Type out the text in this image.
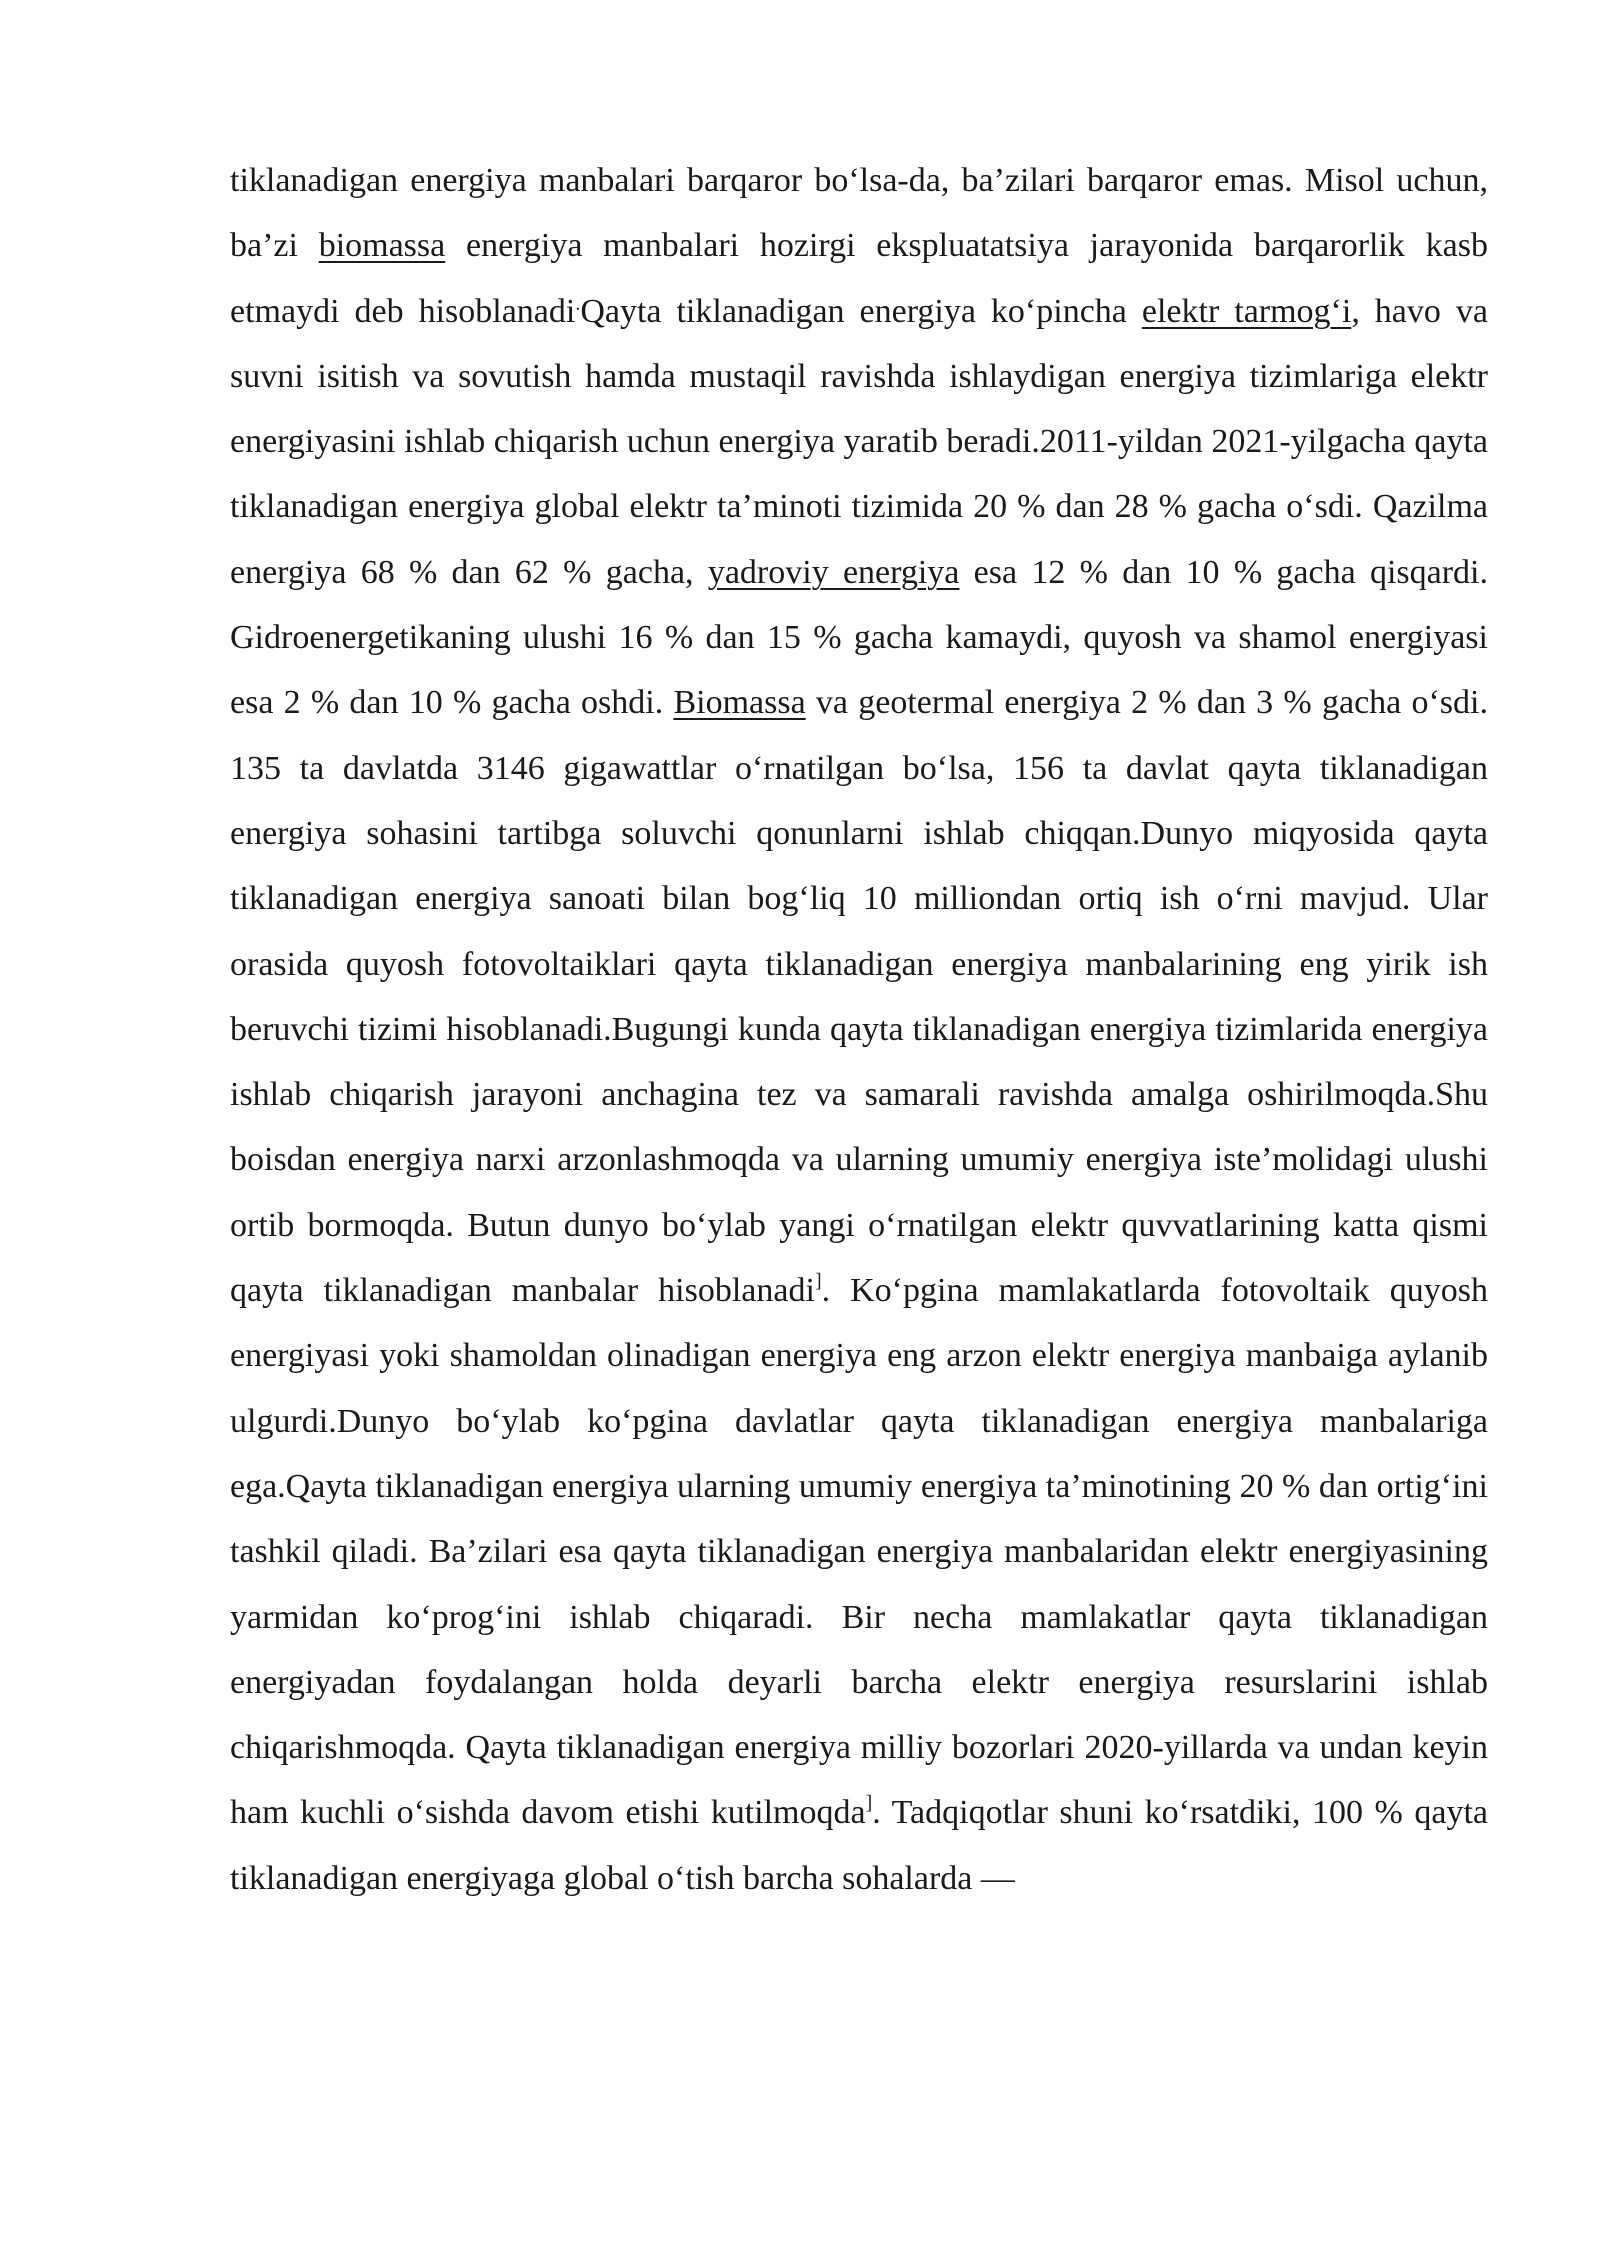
tiklanadigan energiya manbalari barqaror bo‘lsa-da, ba’zilari barqaror emas. Misol uchun, ba’zi biomassa energiya manbalari hozirgi ekspluatatsiya jarayonida barqarorlik kasb etmaydi deb hisoblanadi.Qayta tiklanadigan energiya ko‘pincha elektr tarmog‘i, havo va suvni isitish va sovutish hamda mustaqil ravishda ishlaydigan energiya tizimlariga elektr energiyasini ishlab chiqarish uchun energiya yaratib beradi.2011-yildan 2021-yilgacha qayta tiklanadigan energiya global elektr ta’minoti tizimida 20 % dan 28 % gacha o‘sdi. Qazilma energiya 68 % dan 62 % gacha, yadroviy energiya esa 12 % dan 10 % gacha qisqardi. Gidroenergetikaning ulushi 16 % dan 15 % gacha kamaydi, quyosh va shamol energiyasi esa 2 % dan 10 % gacha oshdi. Biomassa va geotermal energiya 2 % dan 3 % gacha o‘sdi. 135 ta davlatda 3146 gigawattlar o‘rnatilgan bo‘lsa, 156 ta davlat qayta tiklanadigan energiya sohasini tartibga soluvchi qonunlarni ishlab chiqqan.Dunyo miqyosida qayta tiklanadigan energiya sanoati bilan bog‘liq 10 milliondan ortiq ish o‘rni mavjud. Ular orasida quyosh fotovoltaiklari qayta tiklanadigan energiya manbalarining eng yirik ish beruvchi tizimi hisoblanadi.Bugungi kunda qayta tiklanadigan energiya tizimlarida energiya ishlab chiqarish jarayoni anchagina tez va samarali ravishda amalga oshirilmoqda.Shu boisdan energiya narxi arzonlashmoqda va ularning umumiy energiya iste’molidagi ulushi ortib bormoqda. Butun dunyo bo‘ylab yangi o‘rnatilgan elektr quvvatlarining katta qismi qayta tiklanadigan manbalar hisoblanadi]. Ko‘pgina mamlakatlarda fotovoltaik quyosh energiyasi yoki shamoldan olinadigan energiya eng arzon elektr energiya manbaiga aylanib ulgurdi.Dunyo bo‘ylab ko‘pgina davlatlar qayta tiklanadigan energiya manbalariga ega.Qayta tiklanadigan energiya ularning umumiy energiya ta’minotining 20 % dan ortig‘ini tashkil qiladi. Ba’zilari esa qayta tiklanadigan energiya manbalaridan elektr energiyasining yarmidan ko‘prog‘ini ishlab chiqaradi. Bir necha mamlakatlar qayta tiklanadigan energiyadan foydalangan holda deyarli barcha elektr energiya resurslarini ishlab chiqarishmoqda. Qayta tiklanadigan energiya milliy bozorlari 2020-yillarda va undan keyin ham kuchli o‘sishda davom etishi kutilmoqda]. Tadqiqotlar shuni ko‘rsatdiki, 100 % qayta tiklanadigan energiyaga global o‘tish barcha sohalarda —
